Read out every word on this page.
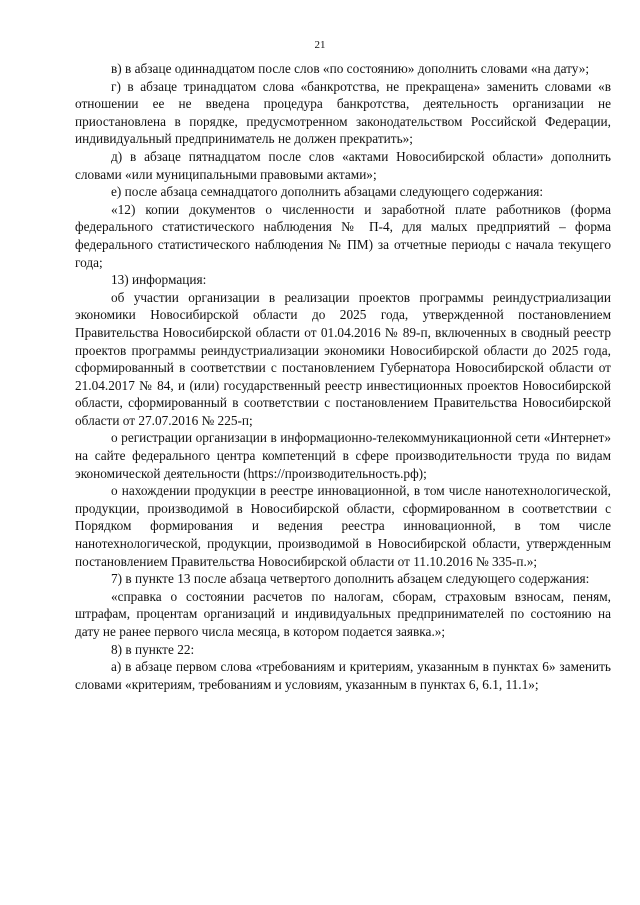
21

в) в абзаце одиннадцатом после слов «по состоянию» дополнить словами «на дату»;

г) в абзаце тринадцатом слова «банкротства, не прекращена» заменить словами «в отношении ее не введена процедура банкротства, деятельность организации не приостановлена в порядке, предусмотренном законодательством Российской Федерации, индивидуальный предприниматель не должен прекратить»;

д) в абзаце пятнадцатом после слов «актами Новосибирской области» дополнить словами «или муниципальными правовыми актами»;

е) после абзаца семнадцатого дополнить абзацами следующего содержания:

«12) копии документов о численности и заработной плате работников (форма федерального статистического наблюдения № П-4, для малых предприятий – форма федерального статистического наблюдения № ПМ) за отчетные периоды с начала текущего года;

13) информация:

об участии организации в реализации проектов программы реиндустриализации экономики Новосибирской области до 2025 года, утвержденной постановлением Правительства Новосибирской области от 01.04.2016 № 89-п, включенных в сводный реестр проектов программы реиндустриализации экономики Новосибирской области до 2025 года, сформированный в соответствии с постановлением Губернатора Новосибирской области от 21.04.2017 № 84, и (или) государственный реестр инвестиционных проектов Новосибирской области, сформированный в соответствии с постановлением Правительства Новосибирской области от 27.07.2016 № 225-п;

о регистрации организации в информационно-телекоммуникационной сети «Интернет» на сайте федерального центра компетенций в сфере производительности труда по видам экономической деятельности (https://производительность.рф);

о нахождении продукции в реестре инновационной, в том числе нанотехнологической, продукции, производимой в Новосибирской области, сформированном в соответствии с Порядком формирования и ведения реестра инновационной, в том числе нанотехнологической, продукции, производимой в Новосибирской области, утвержденным постановлением Правительства Новосибирской области от 11.10.2016 № 335-п.»;

7) в пункте 13 после абзаца четвертого дополнить абзацем следующего содержания:

«справка о состоянии расчетов по налогам, сборам, страховым взносам, пеням, штрафам, процентам организаций и индивидуальных предпринимателей по состоянию на дату не ранее первого числа месяца, в котором подается заявка.»;

8) в пункте 22:

а) в абзаце первом слова «требованиям и критериям, указанным в пунктах 6» заменить словами «критериям, требованиям и условиям, указанным в пунктах 6, 6.1, 11.1»;
